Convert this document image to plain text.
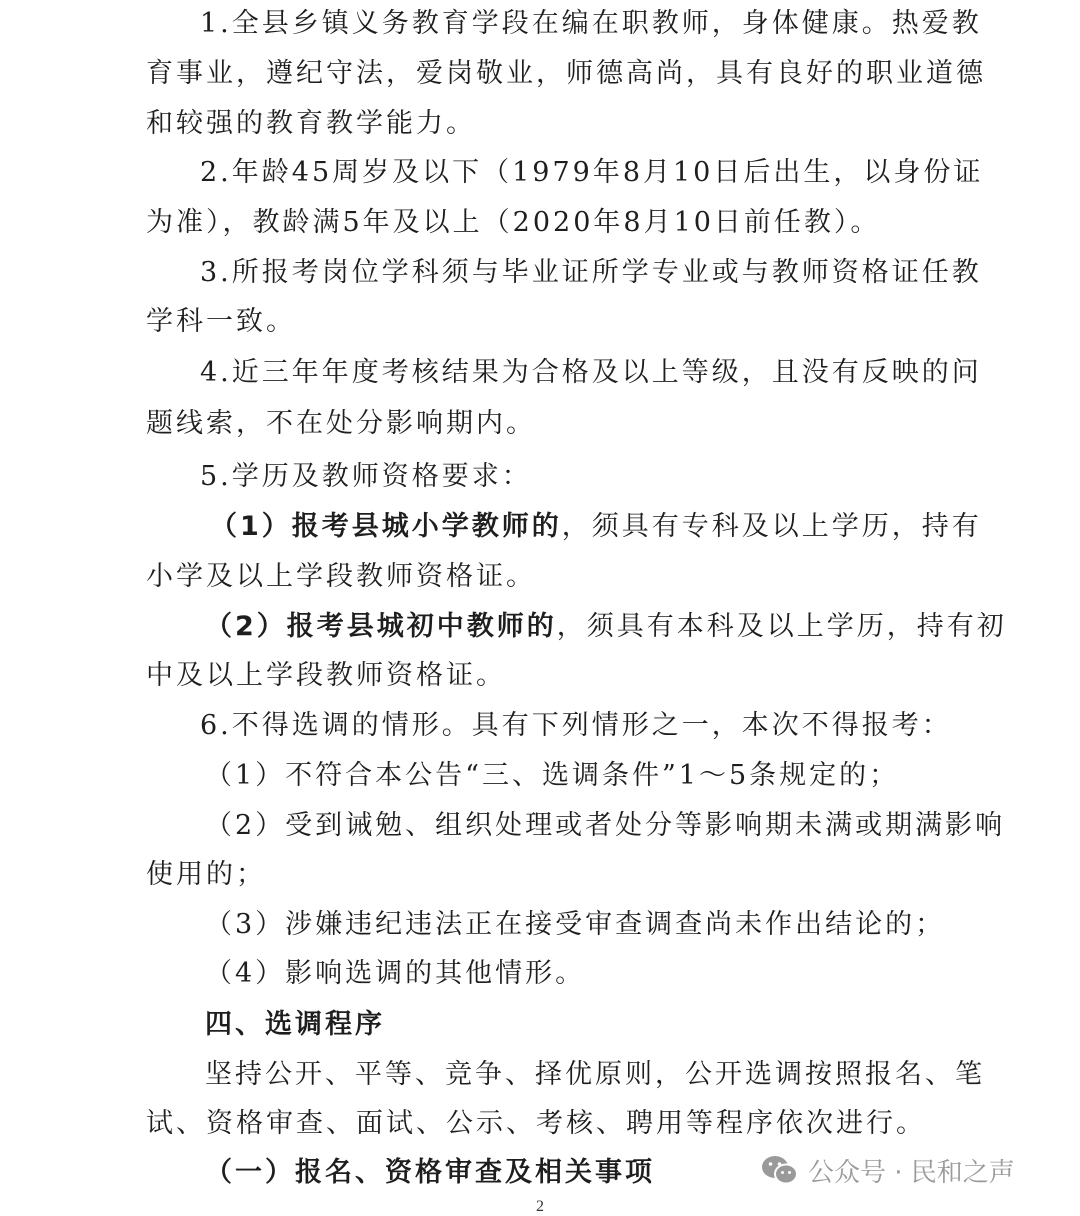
1.全县乡镇义务教育学段在编在职教师，身体健康。热爱教
育事业，遵纪守法，爱岗敬业，师德高尚，具有良好的职业道德
和较强的教育教学能力。
2.年龄45周岁及以下（1979年8月10日后出生，以身份证
为准），教龄满5年及以上（2020年8月10日前任教）。
3.所报考岗位学科须与毕业证所学专业或与教师资格证任教
学科一致。
4.近三年年度考核结果为合格及以上等级，且没有反映的问
题线索，不在处分影响期内。
5.学历及教师资格要求：
（1）报考县城小学教师的，须具有专科及以上学历，持有
小学及以上学段教师资格证。
（2）报考县城初中教师的，须具有本科及以上学历，持有初
中及以上学段教师资格证。
6.不得选调的情形。具有下列情形之一，本次不得报考：
（1）不符合本公告“三、选调条件”1～5条规定的；
（2）受到诫勉、组织处理或者处分等影响期未满或期满影响
使用的；
（3）涉嫌违纪违法正在接受审查调查尚未作出结论的；
（4）影响选调的其他情形。
四、选调程序
坚持公开、平等、竞争、择优原则，公开选调按照报名、笔
试、资格审查、面试、公示、考核、聘用等程序依次进行。
（一）报名、资格审查及相关事项
2
公众号 · 民和之声
